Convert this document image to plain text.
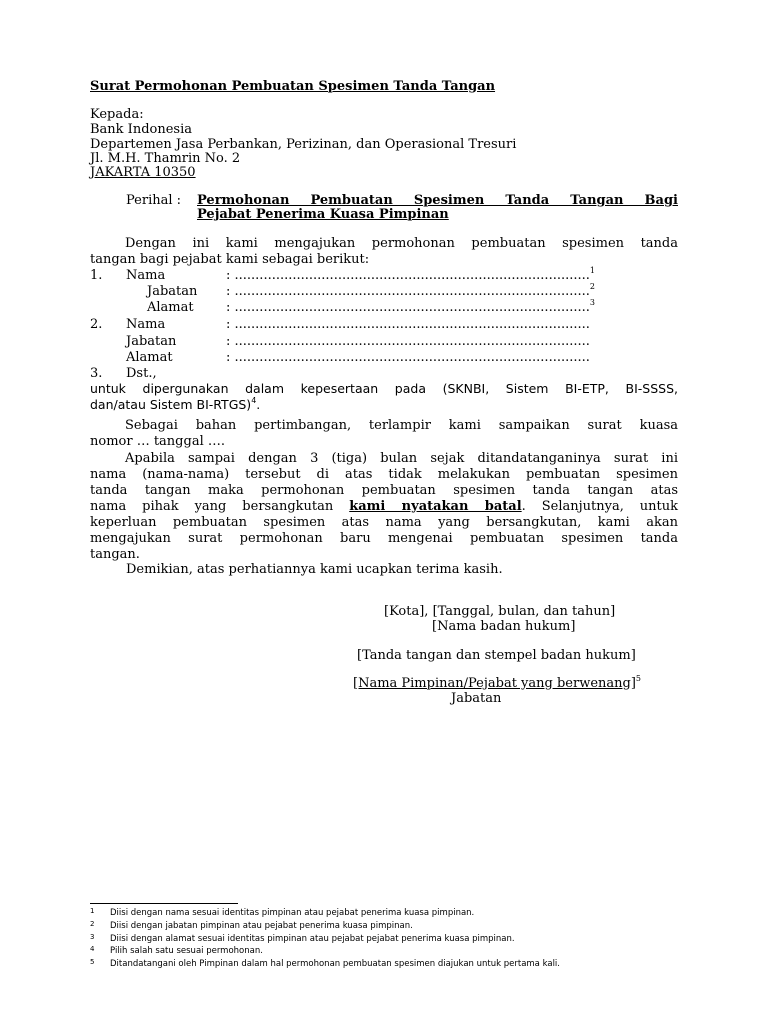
Surat Permohonan Pembuatan Spesimen Tanda Tangan
Kepada:
Bank Indonesia
Departemen Jasa Perbankan, Perizinan, dan Operasional Tresuri
Jl. M.H. Thamrin No. 2
JAKARTA 10350
Perihal : Permohonan Pembuatan Spesimen Tanda Tangan Bagi
Pejabat Penerima Kuasa Pimpinan
Dengan ini kami mengajukan permohonan pembuatan spesimen tanda
tangan bagi pejabat kami sebagai berikut:
1. Nama	: ......................................................................................$^1$
Jabatan : ......................................................................................$^2$
Alamat : ......................................................................................$^3$
2. Nama	: ......................................................................................
Jabatan	: ......................................................................................
Alamat	: ......................................................................................
3. Dst.,
untuk dipergunakan dalam kepesertaan pada (SKNBI, Sistem BI-ETP, BI-SSSS,
dan/atau Sistem BI-RTGS)$^4$.
Sebagai bahan pertimbangan, terlampir kami sampaikan surat kuasa
nomor … tanggal ….
Apabila sampai dengan 3 (tiga) bulan sejak ditandatanganinya surat ini
nama (nama-nama) tersebut di atas tidak melakukan pembuatan spesimen
tanda tangan maka permohonan pembuatan spesimen tanda tangan atas
nama pihak yang bersangkutan kami nyatakan batal. Selanjutnya, untuk
keperluan pembuatan spesimen atas nama yang bersangkutan, kami akan
mengajukan surat permohonan baru mengenai pembuatan spesimen tanda
tangan.
Demikian, atas perhatiannya kami ucapkan terima kasih.
[Kota], [Tanggal, bulan, dan tahun]
[Nama badan hukum]
[Tanda tangan dan stempel badan hukum]
[Nama Pimpinan/Pejabat yang berwenang]$^5$
Jabatan
1 Diisi dengan nama sesuai identitas pimpinan atau pejabat penerima kuasa pimpinan.
2 Diisi dengan jabatan pimpinan atau pejabat penerima kuasa pimpinan.
3 Diisi dengan alamat sesuai identitas pimpinan atau pejabat pejabat penerima kuasa pimpinan.
4 Pilih salah satu sesuai permohonan.
5 Ditandatangani oleh Pimpinan dalam hal permohonan pembuatan spesimen diajukan untuk pertama kali.
